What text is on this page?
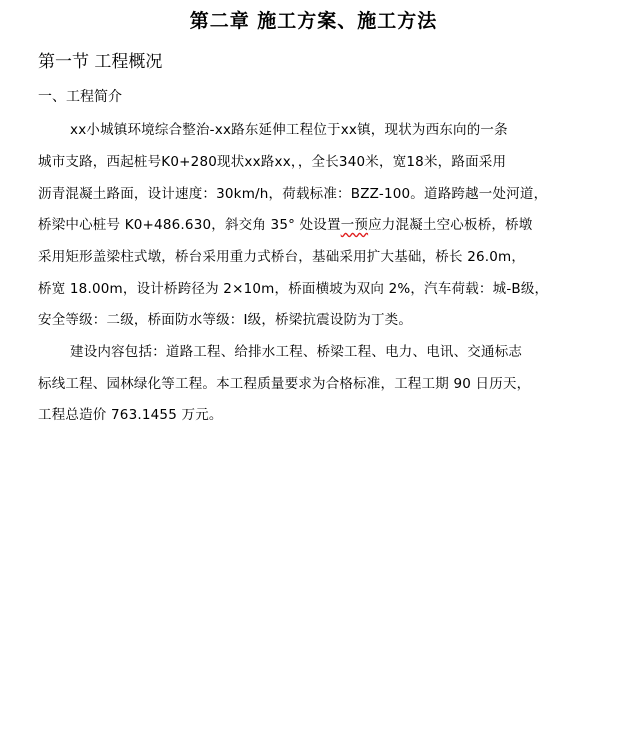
第二章 施工方案、施工方法
第一节 工程概况
一、工程简介
xx小城镇环境综合整治-xx路东延伸工程位于xx镇，现状为西东向的一条
城市支路，西起桩号K0+280现状xx路xx，，全长340米，宽18米，路面采用
沥青混凝土路面，设计速度：30km/h，荷载标准：BZZ-100。道路跨越一处河道，
桥梁中心桩号 K0+486.630，斜交角 35° 处设置一预应力混凝土空心板桥，桥墩
采用矩形盖梁柱式墩，桥台采用重力式桥台，基础采用扩大基础，桥长 26.0m，
桥宽 18.00m，设计桥跨径为 2×10m，桥面横坡为双向 2%，汽车荷载：城-B级，
安全等级：二级，桥面防水等级：I级，桥梁抗震设防为丁类。
建设内容包括：道路工程、给排水工程、桥梁工程、电力、电讯、交通标志
标线工程、园林绿化等工程。本工程质量要求为合格标准，工程工期 90 日历天，
工程总造价 763.1455 万元。
